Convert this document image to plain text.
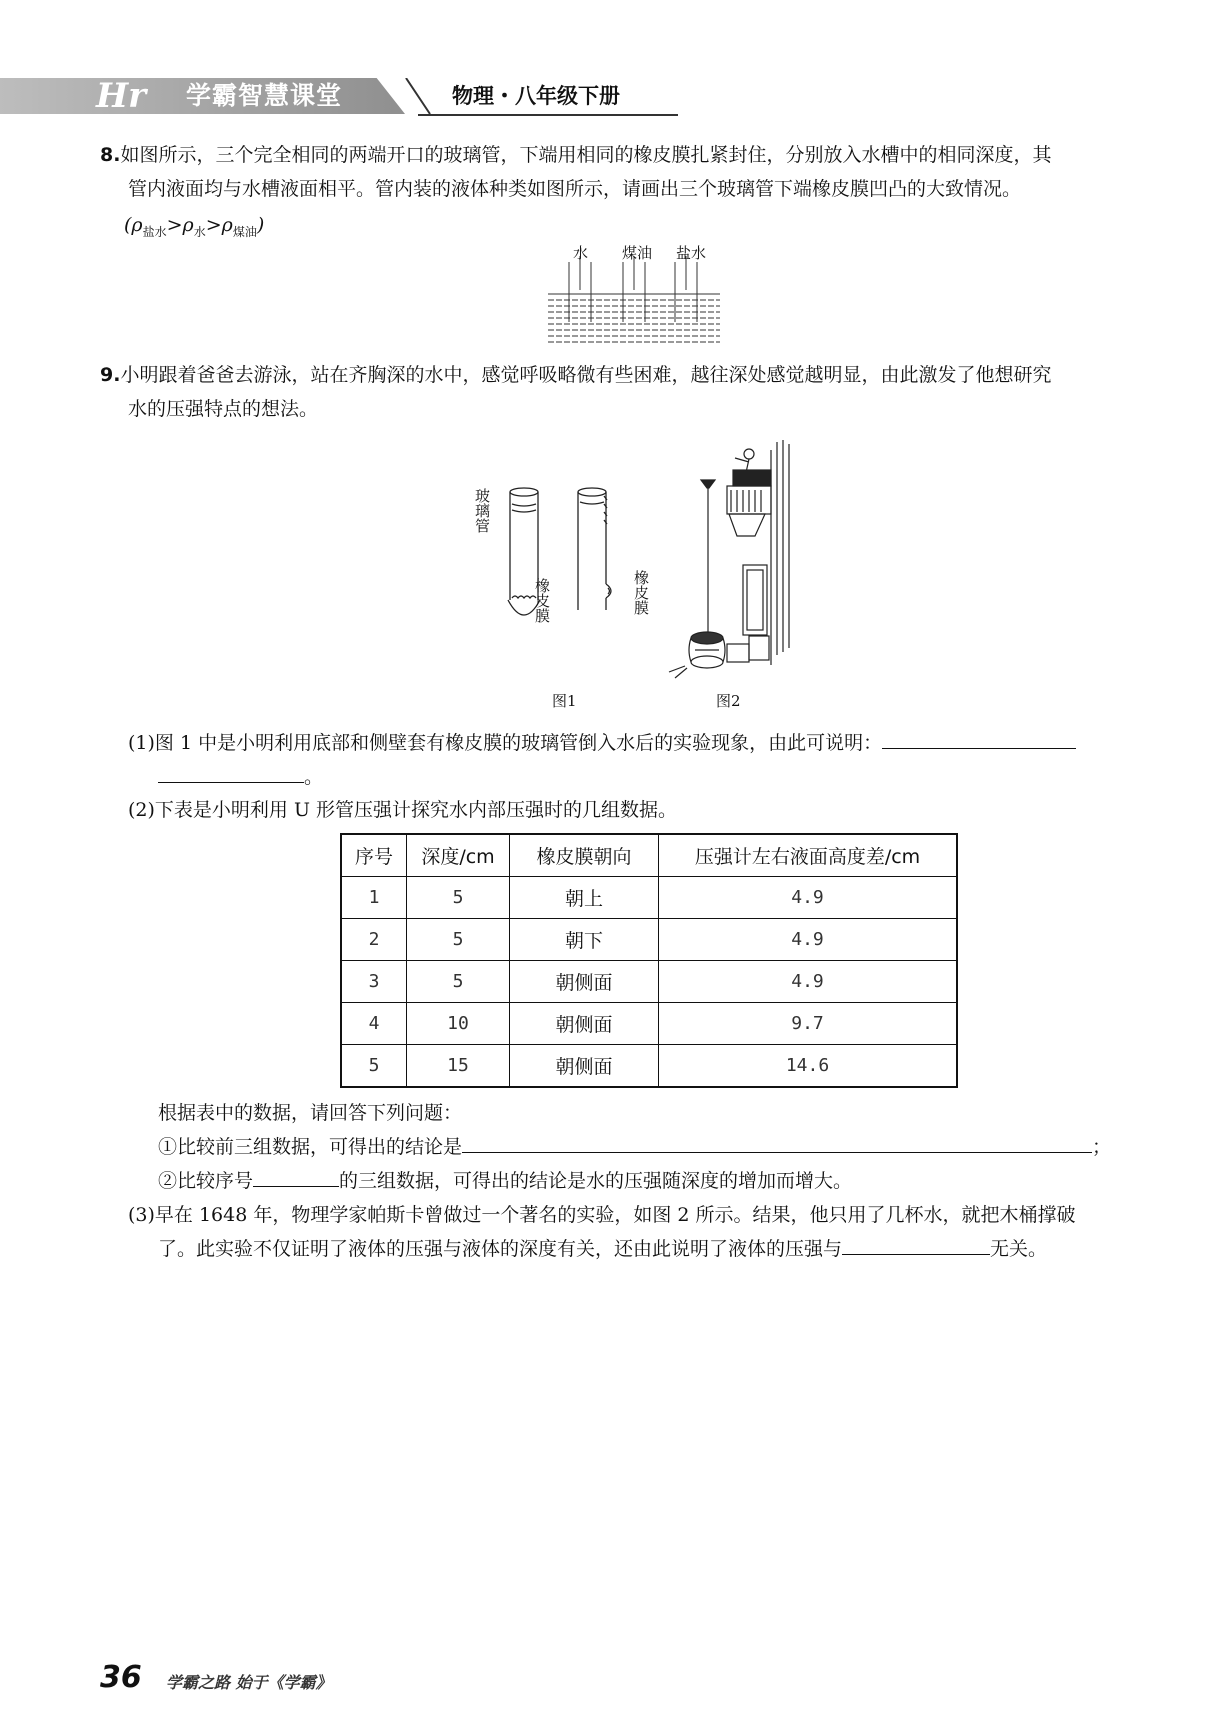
Hr 学霸智慧课堂	物理・八年级下册
8.如图所示，三个完全相同的两端开口的玻璃管，下端用相同的橡皮膜扎紧封住，分别放入水槽中的相同深度，其
管内液面均与水槽液面相平。管内装的液体种类如图所示，请画出三个玻璃管下端橡皮膜凹凸的大致情况。
$(\rho_{盐水}>\rho_水>\rho_{煤油})$
水 煤油 盐水
9.小明跟着爸爸去游泳，站在齐胸深的水中，感觉呼吸略微有些困难，越往深处感觉越明显，由此激发了他想研究
水的压强特点的想法。
玻璃管
橡皮膜	橡皮膜
图1	图2
(1)图 1 中是小明利用底部和侧壁套有橡皮膜的玻璃管倒入水后的实验现象，由此可说明：
。
(2)下表是小明利用 U 形管压强计探究水内部压强时的几组数据。
序号	深度/cm	橡皮膜朝向	压强计左右液面高度差/cm
1	5	朝上	4.9
2	5	朝下	4.9
3	5	朝侧面	4.9
4	10	朝侧面	9.7
5	15	朝侧面	14.6
根据表中的数据，请回答下列问题：
①比较前三组数据，可得出的结论是	；
②比较序号	的三组数据，可得出的结论是水的压强随深度的增加而增大。
(3)早在 1648 年，物理学家帕斯卡曾做过一个著名的实验，如图 2 所示。结果，他只用了几杯水，就把木桶撑破
了。此实验不仅证明了液体的压强与液体的深度有关，还由此说明了液体的压强与	无关。
36 学霸之路 始于《学霸》
